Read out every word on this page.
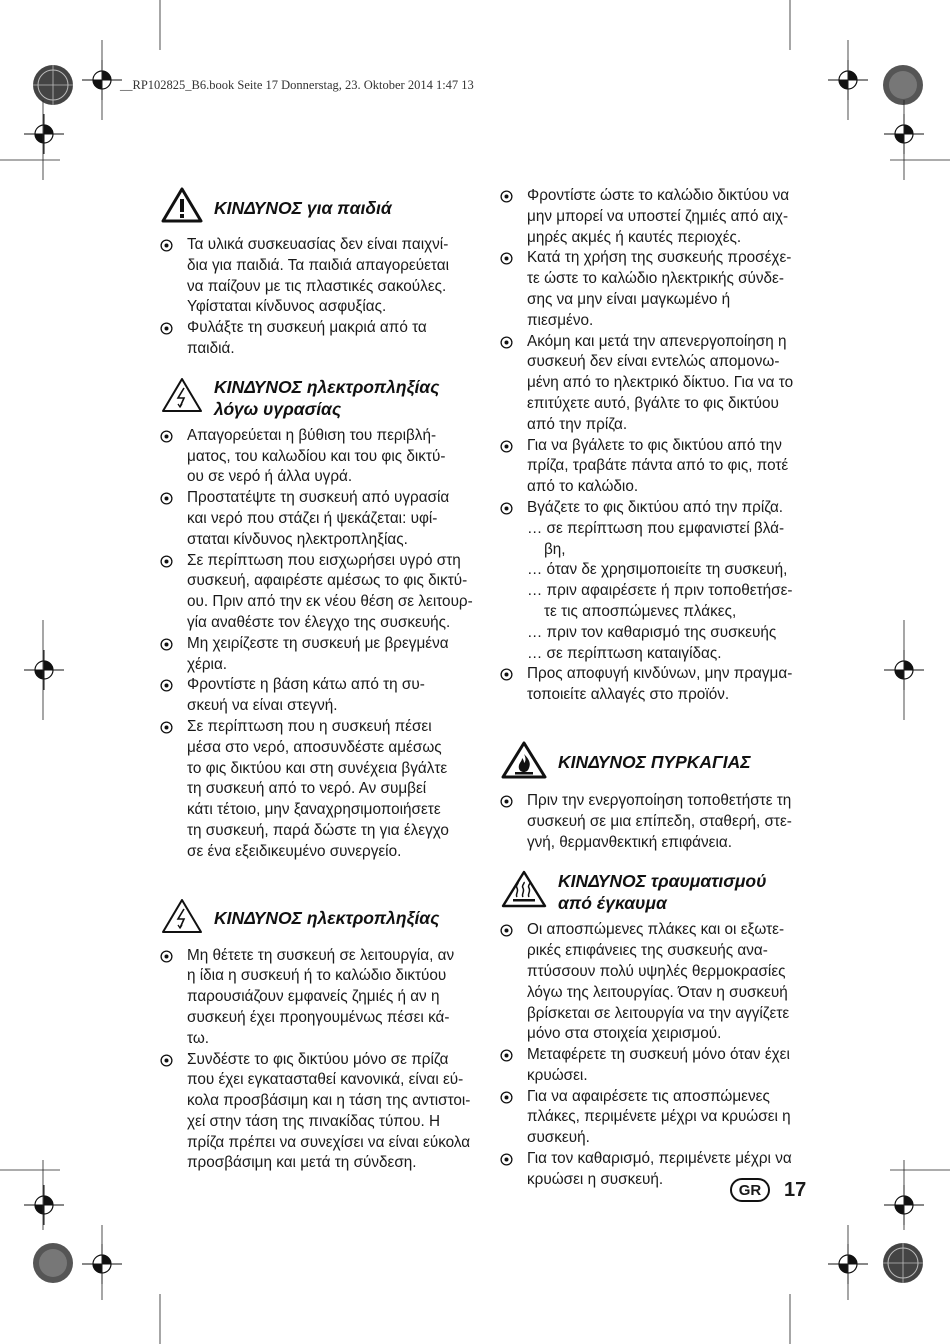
__RP102825_B6.book Seite 17 Donnerstag, 23. Oktober 2014 1:47 13
ΚΙΝΔΥΝΟΣ για παιδιά
Τα υλικά συσκευασίας δεν είναι παιχνί-
δια για παιδιά. Τα παιδιά απαγορεύεται
να παίζουν με τις πλαστικές σακούλες.
Υφίσταται κίνδυνος ασφυξίας.
Φυλάξτε τη συσκευή μακριά από τα
παιδιά.
ΚΙΝΔΥΝΟΣ ηλεκτροπληξίας
λόγω υγρασίας
Απαγορεύεται η βύθιση του περιβλή-
ματος, του καλωδίου και του φις δικτύ-
ου σε νερό ή άλλα υγρά.
Προστατέψτε τη συσκευή από υγρασία
και νερό που στάζει ή ψεκάζεται: υφί-
σταται κίνδυνος ηλεκτροπληξίας.
Σε περίπτωση που εισχωρήσει υγρό στη
συσκευή, αφαιρέστε αμέσως το φις δικτύ-
ου. Πριν από την εκ νέου θέση σε λειτουρ-
γία αναθέστε τον έλεγχο της συσκευής.
Μη χειρίζεστε τη συσκευή με βρεγμένα
χέρια.
Φροντίστε η βάση κάτω από τη συ-
σκευή να είναι στεγνή.
Σε περίπτωση που η συσκευή πέσει
μέσα στο νερό, αποσυνδέστε αμέσως
το φις δικτύου και στη συνέχεια βγάλτε
τη συσκευή από το νερό. Αν συμβεί
κάτι τέτοιο, μην ξαναχρησιμοποιήσετε
τη συσκευή, παρά δώστε τη για έλεγχο
σε ένα εξειδικευμένο συνεργείο.
ΚΙΝΔΥΝΟΣ ηλεκτροπληξίας
Μη θέτετε τη συσκευή σε λειτουργία, αν
η ίδια η συσκευή ή το καλώδιο δικτύου
παρουσιάζουν εμφανείς ζημιές ή αν η
συσκευή έχει προηγουμένως πέσει κά-
τω.
Συνδέστε το φις δικτύου μόνο σε πρίζα
που έχει εγκατασταθεί κανονικά, είναι εύ-
κολα προσβάσιμη και η τάση της αντιστοι-
χεί στην τάση της πινακίδας τύπου. Η
πρίζα πρέπει να συνεχίσει να είναι εύκολα
προσβάσιμη και μετά τη σύνδεση.
Φροντίστε ώστε το καλώδιο δικτύου να
μην μπορεί να υποστεί ζημιές από αιχ-
μηρές ακμές ή καυτές περιοχές.
Κατά τη χρήση της συσκευής προσέχε-
τε ώστε το καλώδιο ηλεκτρικής σύνδε-
σης να μην είναι μαγκωμένο ή
πιεσμένο.
Ακόμη και μετά την απενεργοποίηση η
συσκευή δεν είναι εντελώς απομονω-
μένη από το ηλεκτρικό δίκτυο. Για να το
επιτύχετε αυτό, βγάλτε το φις δικτύου
από την πρίζα.
Για να βγάλετε το φις δικτύου από την
πρίζα, τραβάτε πάντα από το φις, ποτέ
από το καλώδιο.
Βγάζετε το φις δικτύου από την πρίζα.
… σε περίπτωση που εμφανιστεί βλά-
βη,
… όταν δε χρησιμοποιείτε τη συσκευή,
… πριν αφαιρέσετε ή πριν τοποθετήσε-
τε τις αποσπώμενες πλάκες,
… πριν τον καθαρισμό της συσκευής
… σε περίπτωση καταιγίδας.
Προς αποφυγή κινδύνων, μην πραγμα-
τοποιείτε αλλαγές στο προϊόν.
ΚΙΝΔΥΝΟΣ ΠΥΡΚΑΓΙΑΣ
Πριν την ενεργοποίηση τοποθετήστε τη
συσκευή σε μια επίπεδη, σταθερή, στε-
γνή, θερμανθεκτική επιφάνεια.
ΚΙΝΔΥΝΟΣ τραυματισμού
από έγκαυμα
Οι αποσπώμενες πλάκες και οι εξωτε-
ρικές επιφάνειες της συσκευής ανα-
πτύσσουν πολύ υψηλές θερμοκρασίες
λόγω της λειτουργίας. Όταν η συσκευή
βρίσκεται σε λειτουργία να την αγγίζετε
μόνο στα στοιχεία χειρισμού.
Μεταφέρετε τη συσκευή μόνο όταν έχει
κρυώσει.
Για να αφαιρέσετε τις αποσπώμενες
πλάκες, περιμένετε μέχρι να κρυώσει η
συσκευή.
Για τον καθαρισμό, περιμένετε μέχρι να
κρυώσει η συσκευή.
GR	17
